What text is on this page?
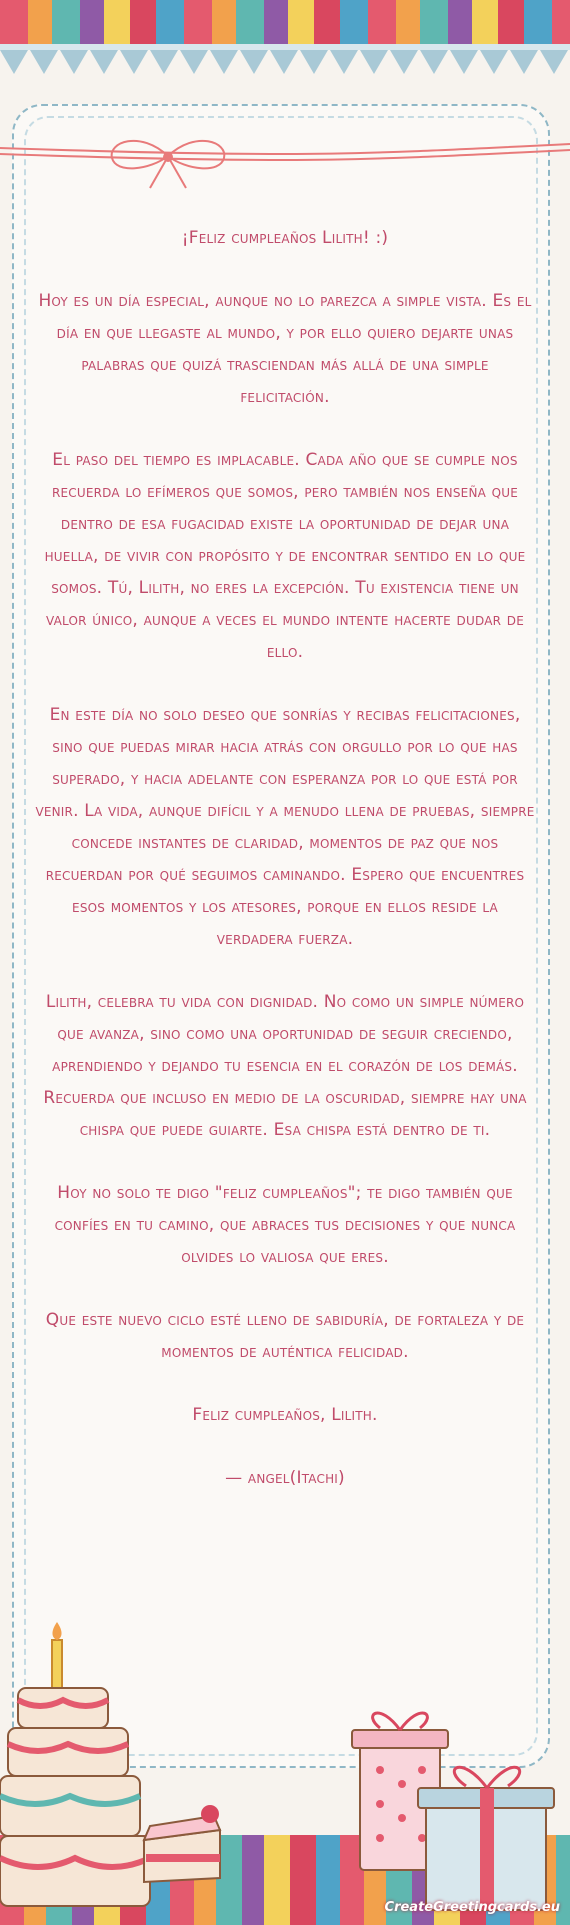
¡Feliz cumpleaños Lilith! :)

Hoy es un día especial, aunque no lo parezca a simple vista. Es el día en que llegaste al mundo, y por ello quiero dejarte unas palabras que quizá trasciendan más allá de una simple felicitación.

El paso del tiempo es implacable. Cada año que se cumple nos recuerda lo efímeros que somos, pero también nos enseña que dentro de esa fugacidad existe la oportunidad de dejar una huella, de vivir con propósito y de encontrar sentido en lo que somos. Tú, Lilith, no eres la excepción. Tu existencia tiene un valor único, aunque a veces el mundo intente hacerte dudar de ello.

En este día no solo deseo que sonrías y recibas felicitaciones, sino que puedas mirar hacia atrás con orgullo por lo que has superado, y hacia adelante con esperanza por lo que está por venir. La vida, aunque difícil y a menudo llena de pruebas, siempre concede instantes de claridad, momentos de paz que nos recuerdan por qué seguimos caminando. Espero que encuentres esos momentos y los atesores, porque en ellos reside la verdadera fuerza.

Lilith, celebra tu vida con dignidad. No como un simple número que avanza, sino como una oportunidad de seguir creciendo, aprendiendo y dejando tu esencia en el corazón de los demás. Recuerda que incluso en medio de la oscuridad, siempre hay una chispa que puede guiarte. Esa chispa está dentro de ti.

Hoy no solo te digo "feliz cumpleaños"; te digo también que confíes en tu camino, que abraces tus decisiones y que nunca olvides lo valiosa que eres.

Que este nuevo ciclo esté lleno de sabiduría, de fortaleza y de momentos de auténtica felicidad.

Feliz cumpleaños, Lilith.

— angel(Itachi)

CreateGreetingcards.eu
